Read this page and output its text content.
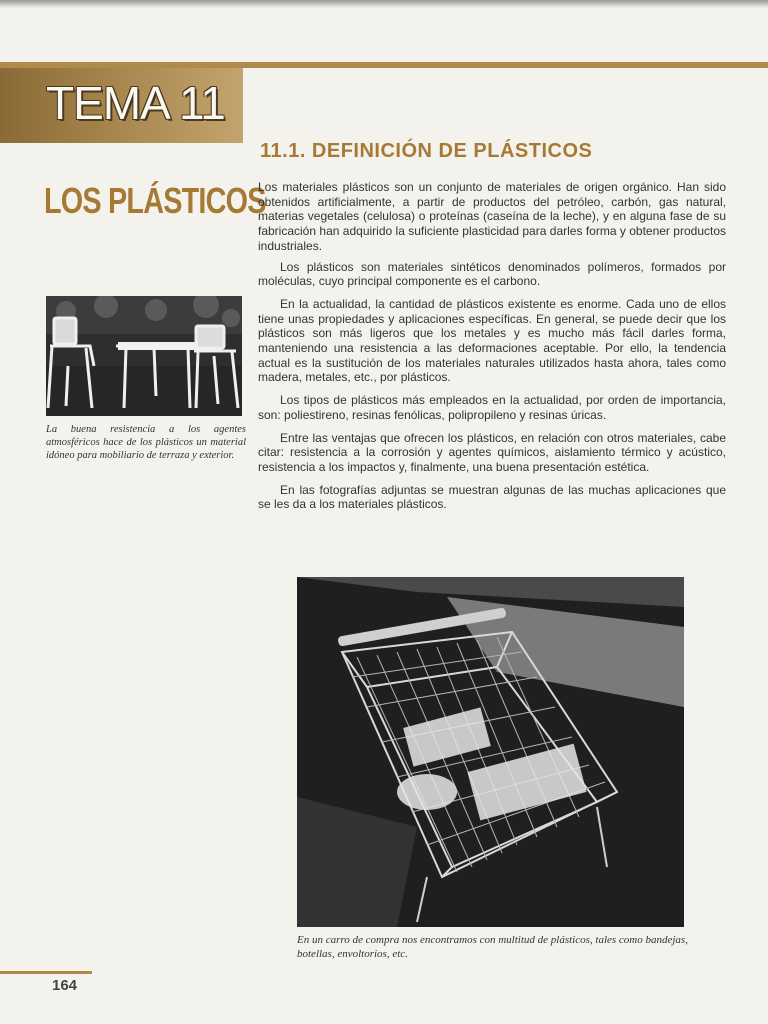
TEMA 11
LOS PLÁSTICOS
La buena resistencia a los agentes atmosféricos hace de los plásticos un material idóneo para mobiliario de terraza y exterior.
11.1. DEFINICIÓN DE PLÁSTICOS

Los materiales plásticos son un conjunto de materiales de origen orgánico. Han sido obtenidos artificialmente, a partir de productos del petróleo, carbón, gas natural, materias vegetales (celulosa) o proteínas (caseína de la leche), y en alguna fase de su fabricación han adquirido la suficiente plasticidad para darles forma y obtener productos industriales.

Los plásticos son materiales sintéticos denominados polímeros, formados por moléculas, cuyo principal componente es el carbono.

En la actualidad, la cantidad de plásticos existente es enorme. Cada uno de ellos tiene unas propiedades y aplicaciones específicas. En general, se puede decir que los plásticos son más ligeros que los metales y es mucho más fácil darles forma, manteniendo una resistencia a las deformaciones aceptable. Por ello, la tendencia actual es la sustitución de los materiales naturales utilizados hasta ahora, tales como madera, metales, etc., por plásticos.

Los tipos de plásticos más empleados en la actualidad, por orden de importancia, son: poliestireno, resinas fenólicas, polipropileno y resinas úricas.

Entre las ventajas que ofrecen los plásticos, en relación con otros materiales, cabe citar: resistencia a la corrosión y agentes químicos, aislamiento térmico y acústico, resistencia a los impactos y, finalmente, una buena presentación estética.

En las fotografías adjuntas se muestran algunas de las muchas aplicaciones que se les da a los materiales plásticos.

En un carro de compra nos encontramos con multitud de plásticos, tales como bandejas, botellas, envoltorios, etc.
164
